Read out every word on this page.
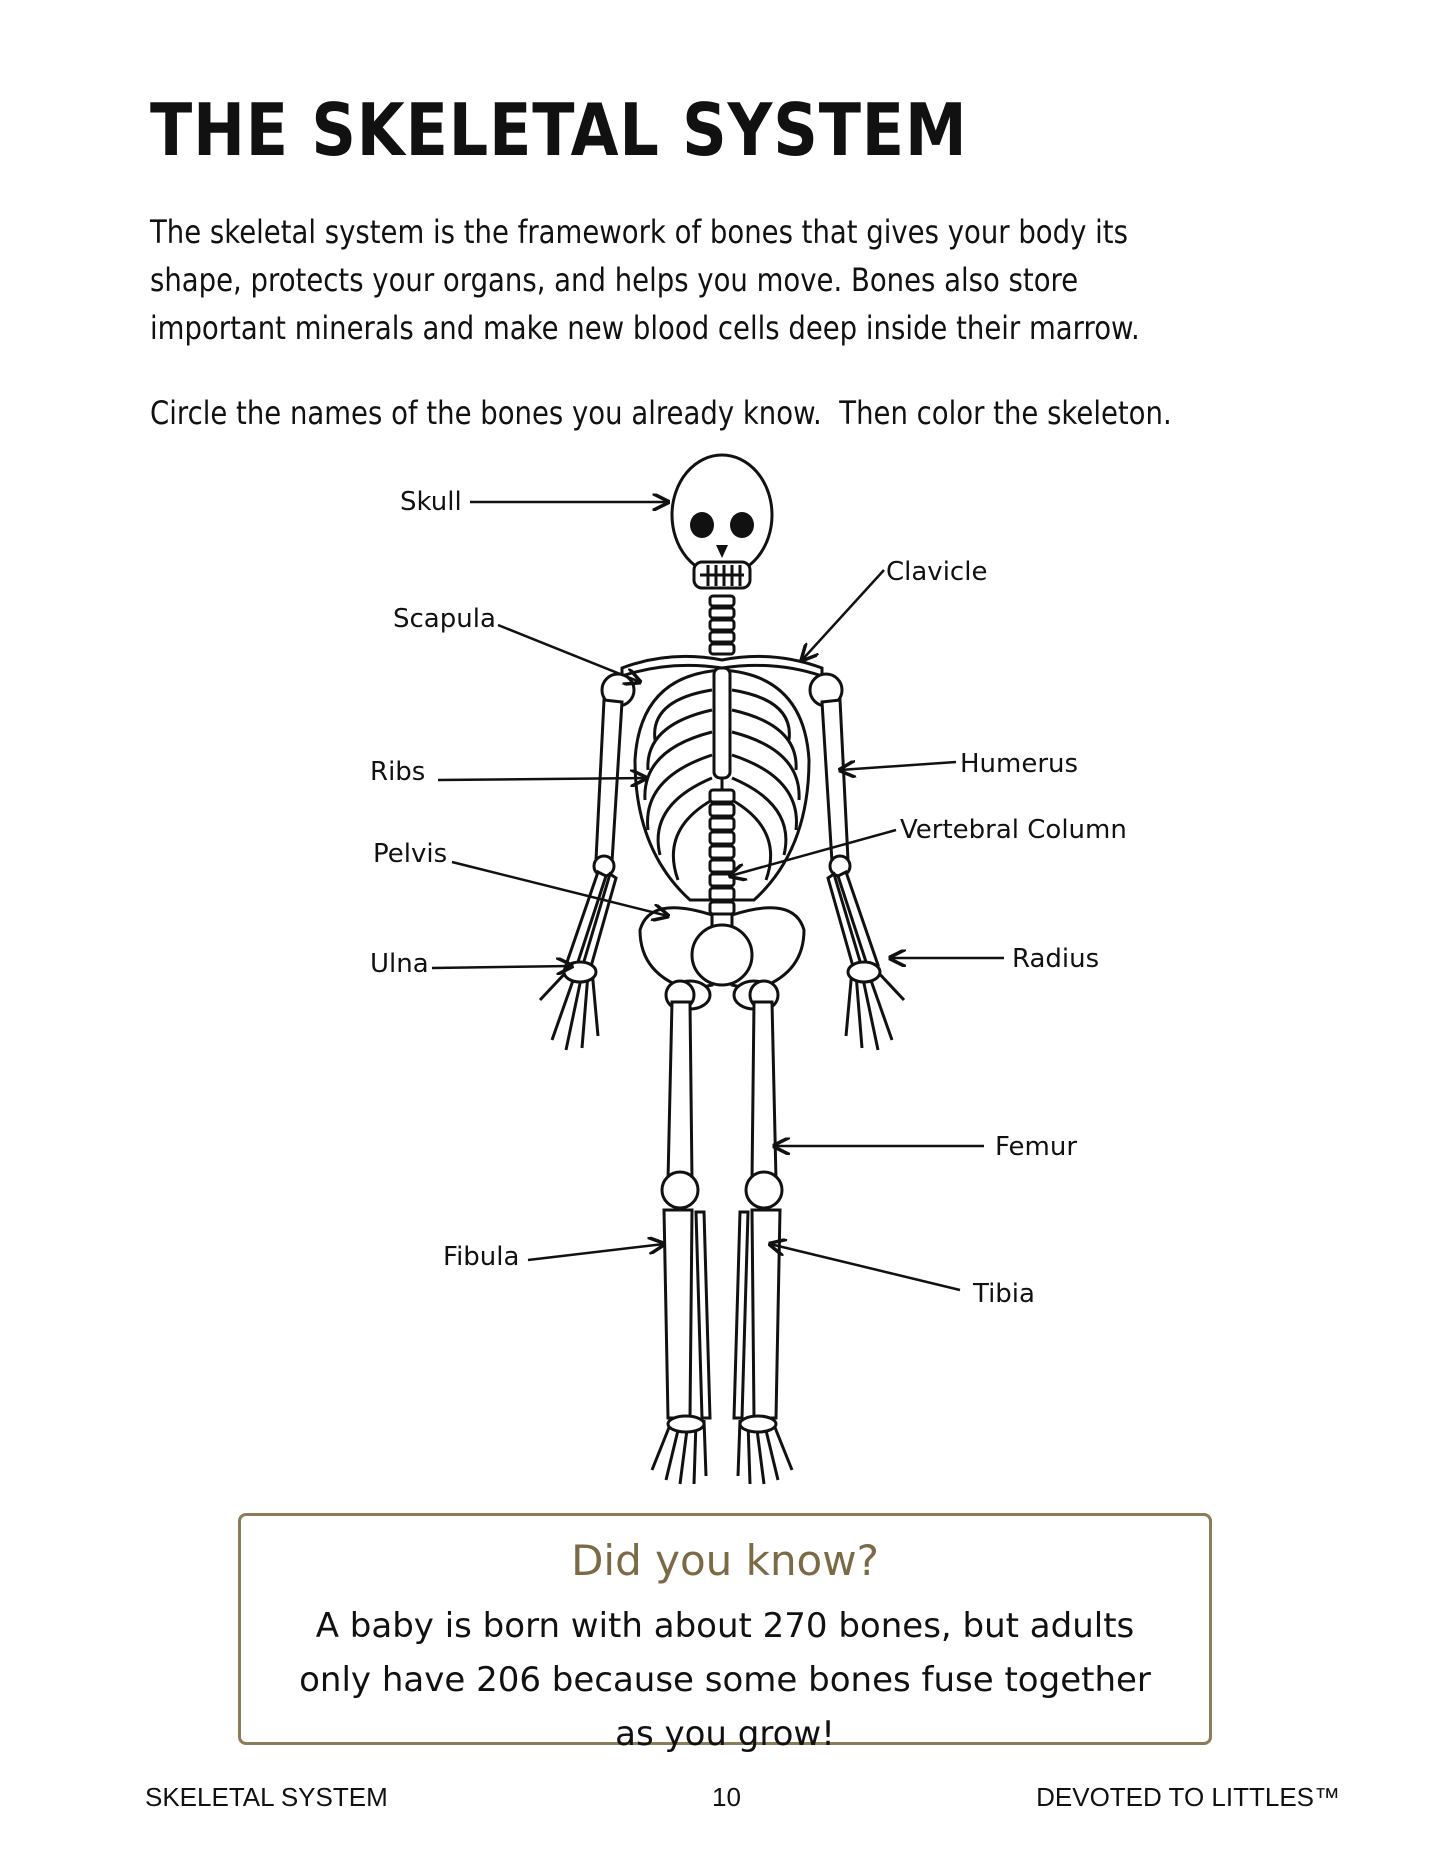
THE SKELETAL SYSTEM

The skeletal system is the framework of bones that gives your body its shape, protects your organs, and helps you move. Bones also store important minerals and make new blood cells deep inside their marrow.

Circle the names of the bones you already know.  Then color the skeleton.

Skull
Clavicle
Scapula
Ribs	Humerus
Vertebral Column
Pelvis
Ulna	Radius
Femur
Fibula
Tibia
Did you know?
A baby is born with about 270 bones, but adults only have 206 because some bones fuse together as you grow!
SKELETAL SYSTEM	10	DEVOTED TO LITTLES™
